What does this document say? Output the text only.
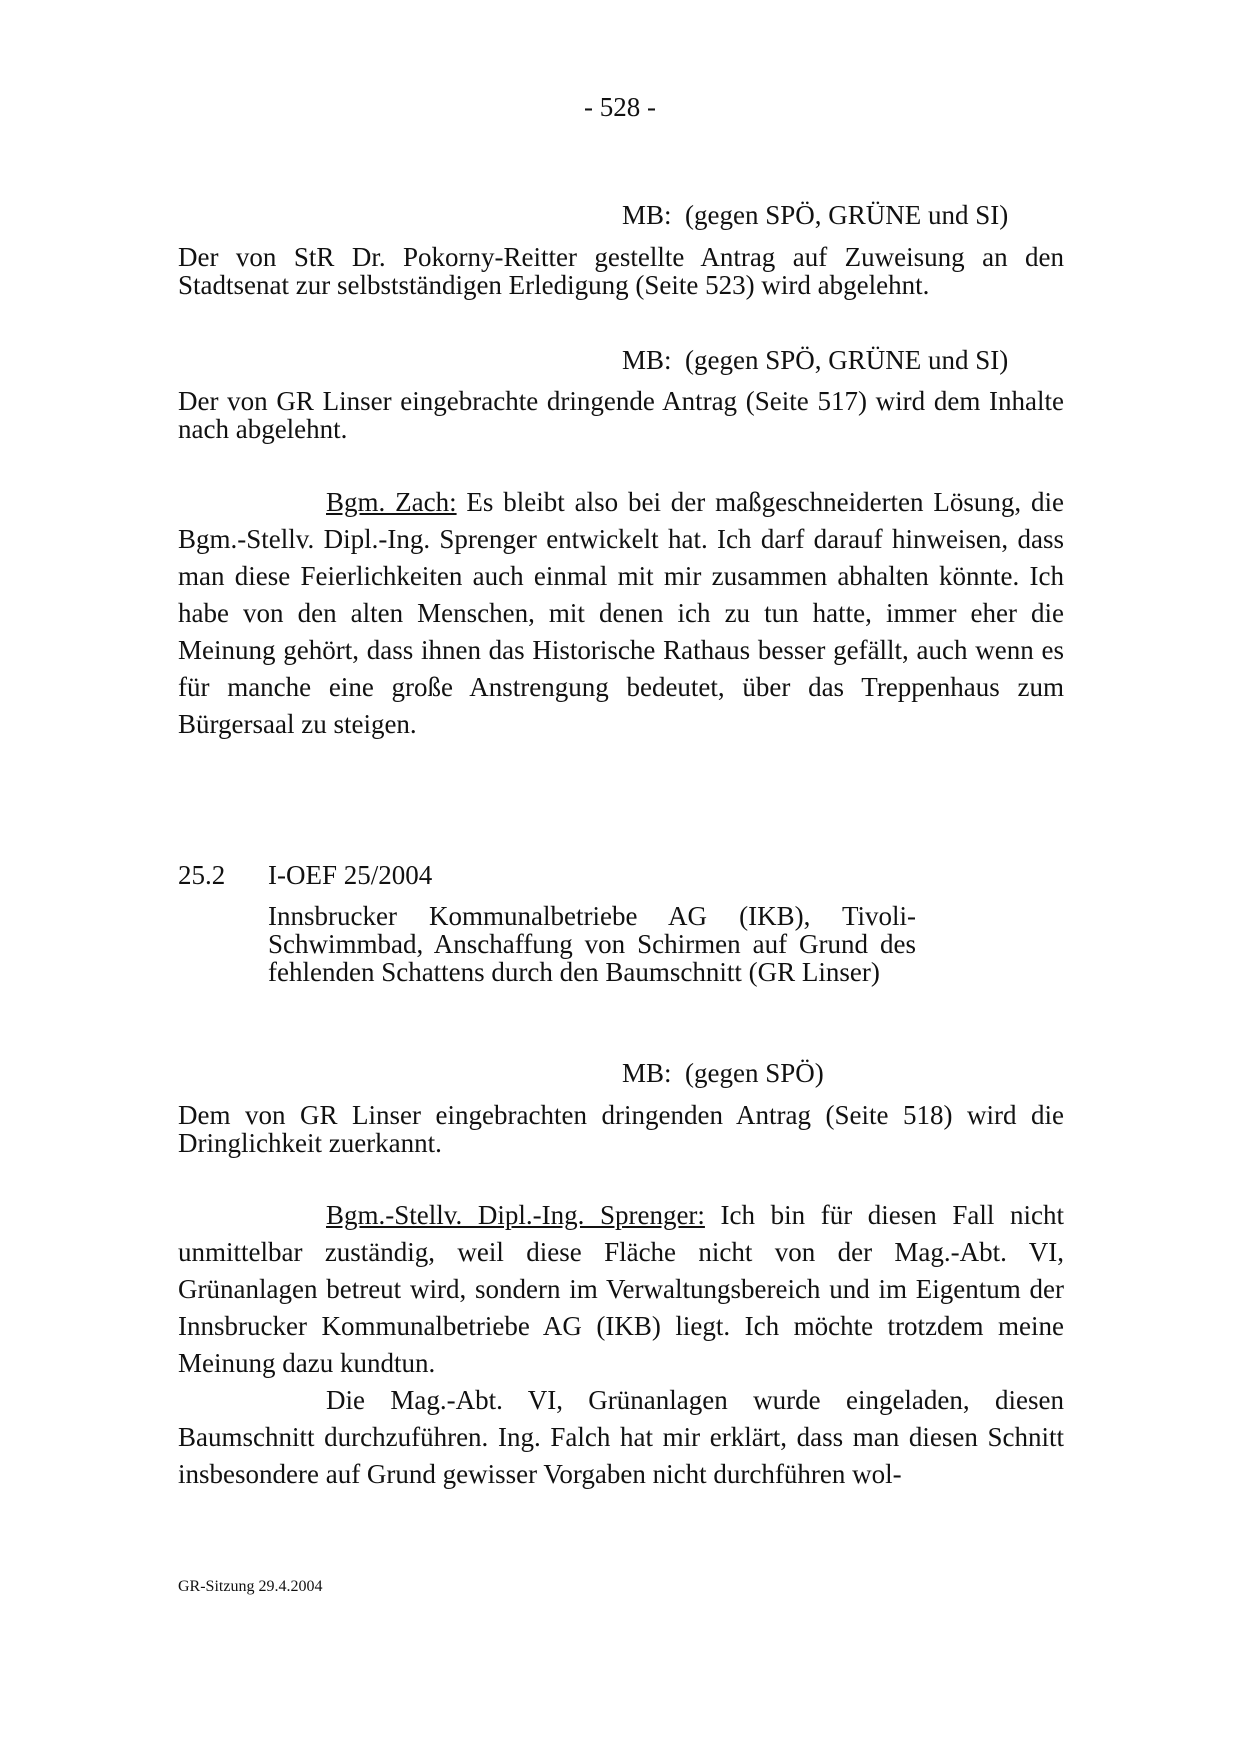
- 528 -
MB:  (gegen SPÖ, GRÜNE und SI)
Der von StR Dr. Pokorny-Reitter gestellte Antrag auf Zuweisung an den Stadtsenat zur selbstständigen Erledigung (Seite 523) wird abgelehnt.
MB:  (gegen SPÖ, GRÜNE und SI)
Der von GR Linser eingebrachte dringende Antrag (Seite 517) wird dem Inhalte nach abgelehnt.
Bgm. Zach: Es bleibt also bei der maßgeschneiderten Lösung, die Bgm.-Stellv. Dipl.-Ing. Sprenger entwickelt hat. Ich darf darauf hinweisen, dass man diese Feierlichkeiten auch einmal mit mir zusammen abhalten könnte. Ich habe von den alten Menschen, mit denen ich zu tun hatte, immer eher die Meinung gehört, dass ihnen das Historische Rathaus besser gefällt, auch wenn es für manche eine große Anstrengung bedeutet, über das Treppenhaus zum Bürgersaal zu steigen.
25.2 I-OEF 25/2004
Innsbrucker Kommunalbetriebe AG (IKB), Tivoli-Schwimmbad, Anschaffung von Schirmen auf Grund des fehlenden Schattens durch den Baumschnitt (GR Linser)
MB:  (gegen SPÖ)
Dem von GR Linser eingebrachten dringenden Antrag (Seite 518) wird die Dringlichkeit zuerkannt.
Bgm.-Stellv. Dipl.-Ing. Sprenger: Ich bin für diesen Fall nicht unmittelbar zuständig, weil diese Fläche nicht von der Mag.-Abt. VI, Grünanlagen betreut wird, sondern im Verwaltungsbereich und im Eigentum der Innsbrucker Kommunalbetriebe AG (IKB) liegt. Ich möchte trotzdem meine Meinung dazu kundtun.
Die Mag.-Abt. VI, Grünanlagen wurde eingeladen, diesen Baumschnitt durchzuführen. Ing. Falch hat mir erklärt, dass man diesen Schnitt insbesondere auf Grund gewisser Vorgaben nicht durchführen wol-
GR-Sitzung 29.4.2004
